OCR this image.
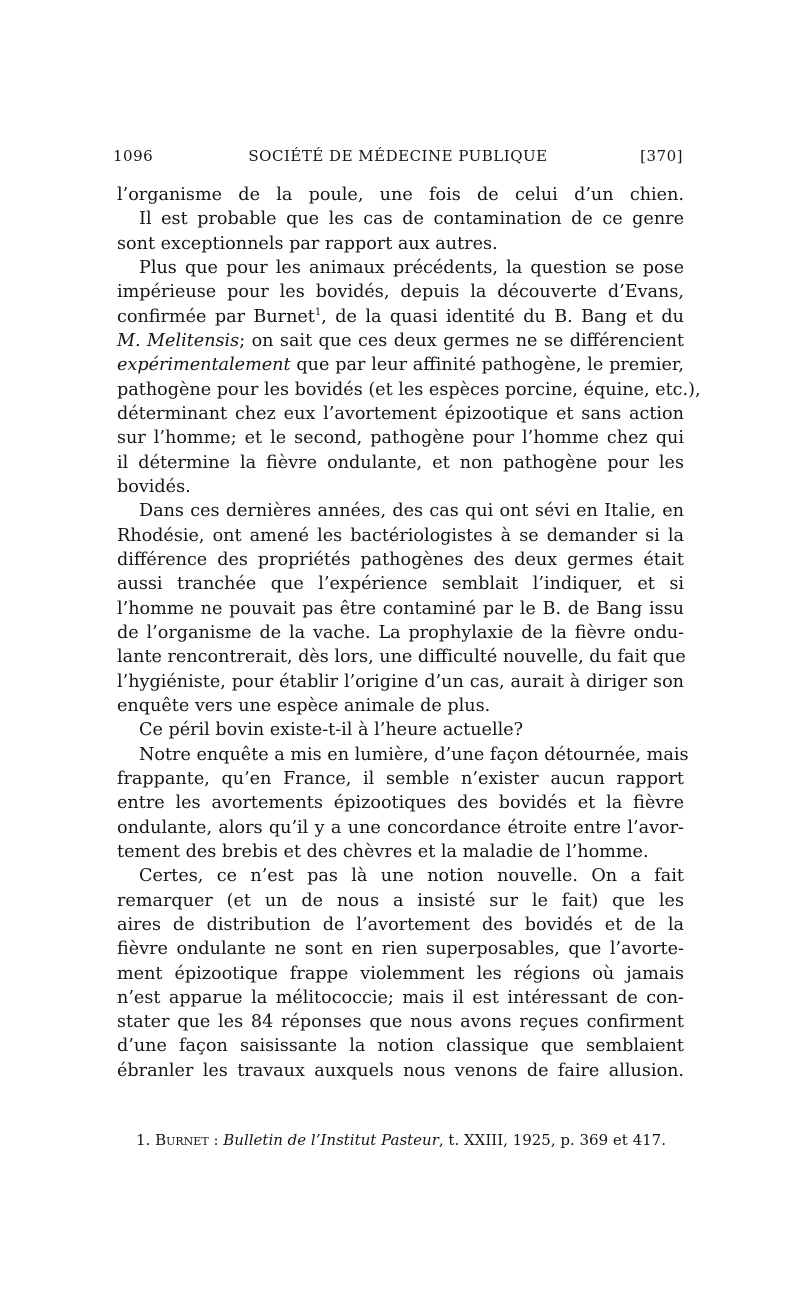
1096	SOCIÉTÉ DE MÉDECINE PUBLIQUE	[370]
l’organisme de la poule, une fois de celui d’un chien.
Il est probable que les cas de contamination de ce genre
sont exceptionnels par rapport aux autres.
Plus que pour les animaux précédents, la question se pose
impérieuse pour les bovidés, depuis la découverte d’Evans,
confirmée par Burnet$^1$, de la quasi identité du B. Bang et du
M. Melitensis; on sait que ces deux germes ne se différencient
expérimentalement que par leur affinité pathogène, le premier,
pathogène pour les bovidés (et les espèces porcine, équine, etc.),
déterminant chez eux l’avortement épizootique et sans action
sur l’homme; et le second, pathogène pour l’homme chez qui
il détermine la fièvre ondulante, et non pathogène pour les
bovidés.
Dans ces dernières années, des cas qui ont sévi en Italie, en
Rhodésie, ont amené les bactériologistes à se demander si la
différence des propriétés pathogènes des deux germes était
aussi tranchée que l’expérience semblait l’indiquer, et si
l’homme ne pouvait pas être contaminé par le B. de Bang issu
de l’organisme de la vache. La prophylaxie de la fièvre ondu-
lante rencontrerait, dès lors, une difficulté nouvelle, du fait que
l’hygiéniste, pour établir l’origine d’un cas, aurait à diriger son
enquête vers une espèce animale de plus.
Ce péril bovin existe-t-il à l’heure actuelle?
Notre enquête a mis en lumière, d’une façon détournée, mais
frappante, qu’en France, il semble n’exister aucun rapport
entre les avortements épizootiques des bovidés et la fièvre
ondulante, alors qu’il y a une concordance étroite entre l’avor-
tement des brebis et des chèvres et la maladie de l’homme.
Certes, ce n’est pas là une notion nouvelle. On a fait
remarquer (et un de nous a insisté sur le fait) que les
aires de distribution de l’avortement des bovidés et de la
fièvre ondulante ne sont en rien superposables, que l’avorte-
ment épizootique frappe violemment les régions où jamais
n’est apparue la mélitococcie; mais il est intéressant de con-
stater que les 84 réponses que nous avons reçues confirment
d’une façon saisissante la notion classique que semblaient
ébranler les travaux auxquels nous venons de faire allusion.
1. Burnet : Bulletin de l’Institut Pasteur, t. XXIII, 1925, p. 369 et 417.
